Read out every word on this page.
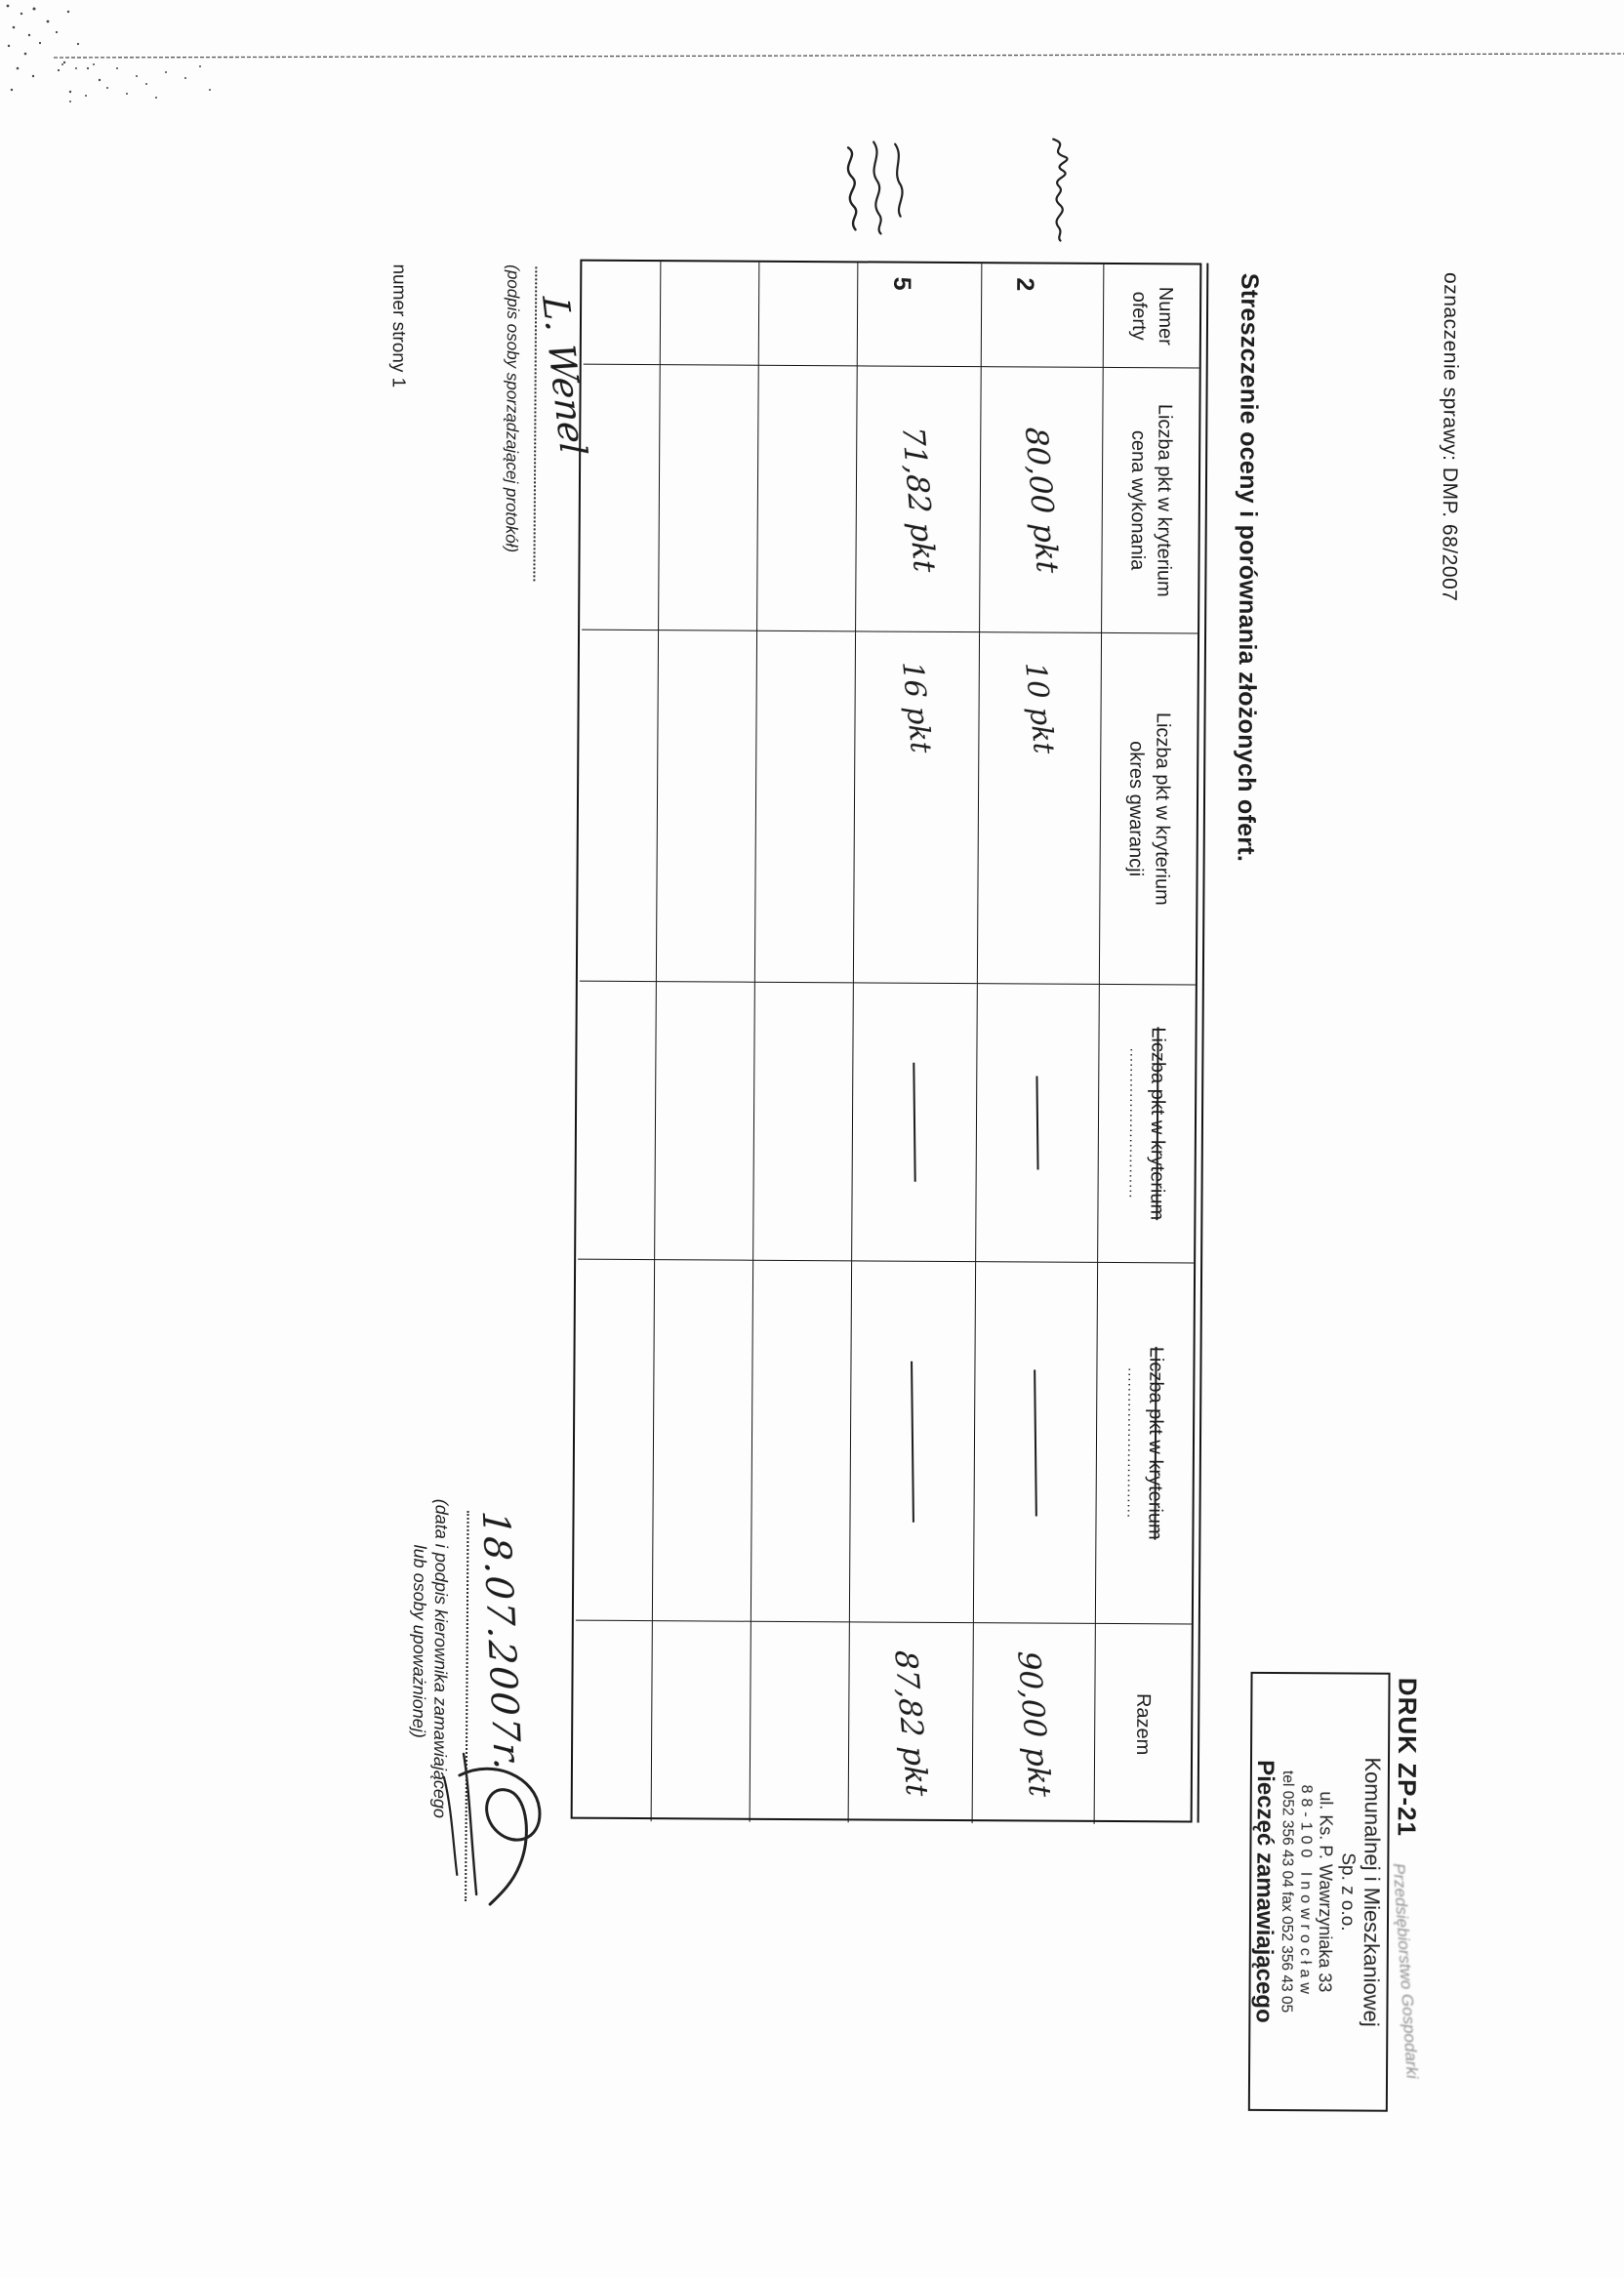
oznaczenie sprawy: DMP. 68/2007
DRUK ZP-21
Przedsiębiorstwo Gospodarki
Komunalnej i Mieszkaniowej
Sp. z o.o.
ul. Ks. P. Wawrzyniaka 33
88-100 Inowrocław
tel 052 356 43 04 fax 052 356 43 05
Pieczęć zamawiającego
Streszczenie oceny i porównania złożonych ofert.
Numer
oferty
Liczba pkt w kryterium
cena wykonania
Liczba pkt w kryterium
okres gwarancji
Liczba pkt w kryterium
..............................
Liczba pkt w kryterium
..............................
Razem
2
80,00 pkt
10 pkt
90,00 pkt
5
71,82 pkt
16 pkt
87,82 pkt
L. Wenel
(podpis osoby sporządzającej protokół)
numer strony 1
18.07.2007r.
(data i podpis kierownika zamawiającego
lub osoby upoważnionej)
